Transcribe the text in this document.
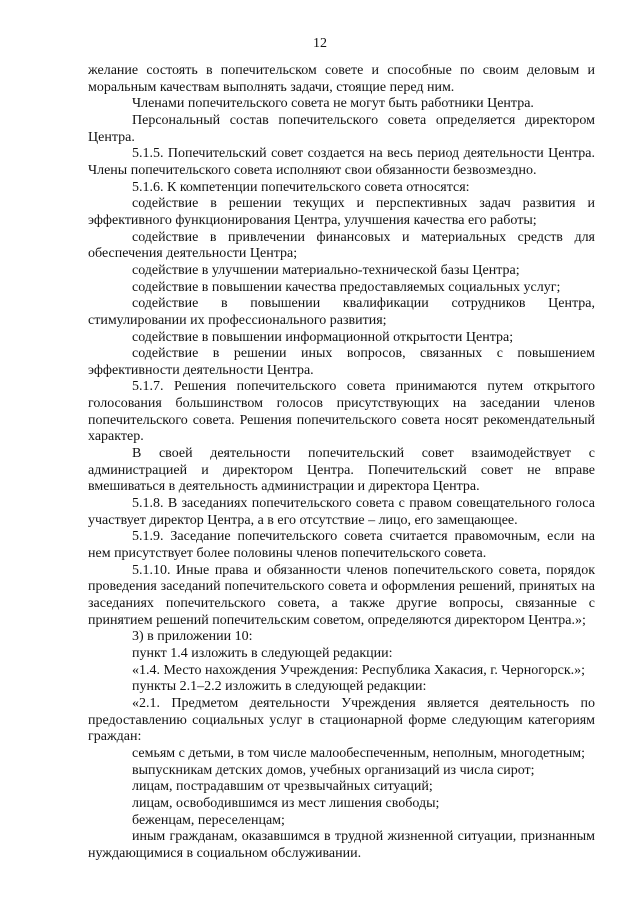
12

желание состоять в попечительском совете и способные по своим деловым и моральным качествам выполнять задачи, стоящие перед ним.

Членами попечительского совета не могут быть работники Центра.

Персональный состав попечительского совета определяется директором Центра.

5.1.5. Попечительский совет создается на весь период деятельности Центра. Члены попечительского совета исполняют свои обязанности безвозмездно.

5.1.6. К компетенции попечительского совета относятся:

содействие в решении текущих и перспективных задач развития и эффективного функционирования Центра, улучшения качества его работы;

содействие в привлечении финансовых и материальных средств для обеспечения деятельности Центра;

содействие в улучшении материально-технической базы Центра;

содействие в повышении качества предоставляемых социальных услуг;

содействие в повышении квалификации сотрудников Центра, стимулировании их профессионального развития;

содействие в повышении информационной открытости Центра;

содействие в решении иных вопросов, связанных с повышением эффективности деятельности Центра.

5.1.7. Решения попечительского совета принимаются путем открытого голосования большинством голосов присутствующих на заседании членов попечительского совета. Решения попечительского совета носят рекомендательный характер.

В своей деятельности попечительский совет взаимодействует с администрацией и директором Центра. Попечительский совет не вправе вмешиваться в деятельность администрации и директора Центра.

5.1.8. В заседаниях попечительского совета с правом совещательного голоса участвует директор Центра, а в его отсутствие – лицо, его замещающее.

5.1.9. Заседание попечительского совета считается правомочным, если на нем присутствует более половины членов попечительского совета.

5.1.10. Иные права и обязанности членов попечительского совета, порядок проведения заседаний попечительского совета и оформления решений, принятых на заседаниях попечительского совета, а также другие вопросы, связанные с принятием решений попечительским советом, определяются директором Центра.»;

3) в приложении 10:

пункт 1.4 изложить в следующей редакции:

«1.4. Место нахождения Учреждения: Республика Хакасия, г. Черногорск.»;

пункты 2.1–2.2 изложить в следующей редакции:

«2.1. Предметом деятельности Учреждения является деятельность по предоставлению социальных услуг в стационарной форме следующим категориям граждан:

семьям с детьми, в том числе малообеспеченным, неполным, многодетным;

выпускникам детских домов, учебных организаций из числа сирот;

лицам, пострадавшим от чрезвычайных ситуаций;

лицам, освободившимся из мест лишения свободы;

беженцам, переселенцам;

иным гражданам, оказавшимся в трудной жизненной ситуации, признанным нуждающимися в социальном обслуживании.
